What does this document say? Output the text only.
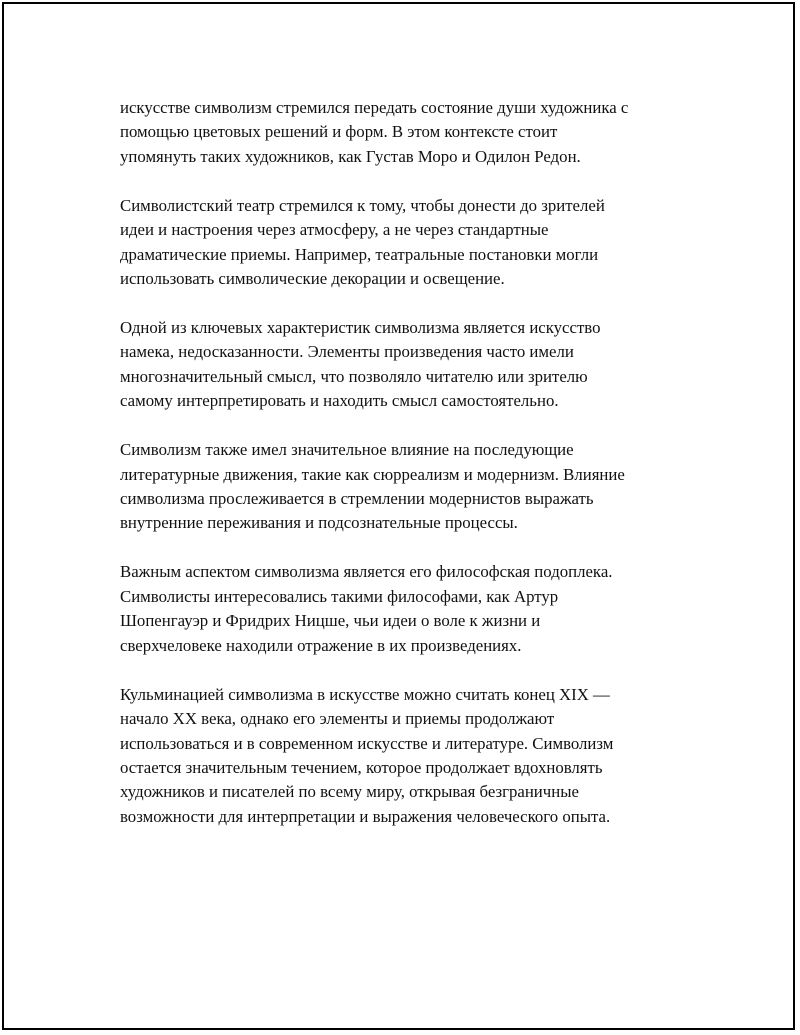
искусстве символизм стремился передать состояние души художника с
помощью цветовых решений и форм. В этом контексте стоит
упомянуть таких художников, как Густав Моро и Одилон Редон.

Символистский театр стремился к тому, чтобы донести до зрителей
идеи и настроения через атмосферу, а не через стандартные
драматические приемы. Например, театральные постановки могли
использовать символические декорации и освещение.

Одной из ключевых характеристик символизма является искусство
намека, недосказанности. Элементы произведения часто имели
многозначительный смысл, что позволяло читателю или зрителю
самому интерпретировать и находить смысл самостоятельно.

Символизм также имел значительное влияние на последующие
литературные движения, такие как сюрреализм и модернизм. Влияние
символизма прослеживается в стремлении модернистов выражать
внутренние переживания и подсознательные процессы.

Важным аспектом символизма является его философская подоплека.
Символисты интересовались такими философами, как Артур
Шопенгауэр и Фридрих Ницше, чьи идеи о воле к жизни и
сверхчеловеке находили отражение в их произведениях.

Кульминацией символизма в искусстве можно считать конец XIX —
начало XX века, однако его элементы и приемы продолжают
использоваться и в современном искусстве и литературе. Символизм
остается значительным течением, которое продолжает вдохновлять
художников и писателей по всему миру, открывая безграничные
возможности для интерпретации и выражения человеческого опыта.
